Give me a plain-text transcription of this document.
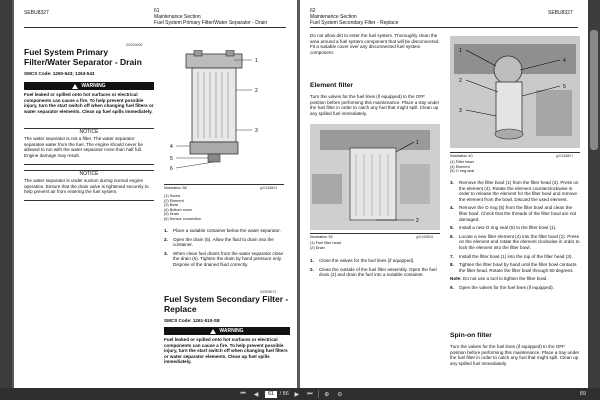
SEBU8327	61
Maintenance Section
Fuel System Primary Filter/Water Separator - Drain
i02904600
Fuel System Primary Filter/Water Separator - Drain
SMCS Code: 1260-543; 1263-543
WARNING
Fuel leaked or spilled onto hot surfaces or electrical components can cause a fire. To help prevent possible injury, turn the start switch off when changing fuel filters or water separator elements. Clean up fuel spills immediately.
NOTICE
The water separator is not a filter. The water separator separates water from the fuel. The engine should never be allowed to run with the water separator more than half full. Engine damage may result.
NOTICE
The water separator is under suction during normal engine operation. Ensure that the drain valve is tightened securely to help prevent air from entering the fuel system.
1
2
3
4
5
6
Illustration 38	g01165804
(1) Screw
(2) Element
(3) Bowl
(4) Bottom cover
(5) Drain
(6) Sensor connection
1.	Place a suitable container below the water separator.
2.	Open the drain (5). Allow the fluid to drain into the container.
3.	When clean fuel drains from the water separator close the drain (5). Tighten the drain by hand pressure only. Dispose of the drained fluid correctly.
i02905673
Fuel System Secondary Filter - Replace
SMCS Code: 1261-510-SE
WARNING
Fuel leaked or spilled onto hot surfaces or electrical components can cause a fire. To help prevent possible injury, turn the start switch off when changing fuel filters or water separator elements. Clean up fuel spills immediately.
62
Maintenance Section
Fuel System Secondary Filter - Replace
SEBU8327
Do not allow dirt to enter the fuel system. Thoroughly clean the area around a fuel system component that will be disconnected. Fit a suitable cover over any disconnected fuel system component.
Element filter
Turn the valves for the fuel lines (if equipped) to the OFF position before performing this maintenance. Place a tray under the fuel filter in order to catch any fuel that might spill. Clean up any spilled fuel immediately.
1
2
Illustration 39	g01165806
(1) Fuel filter head
(2) Drain
1.	Close the valves for the fuel lines (if equipped).
2.	Clean the outside of the fuel filter assembly. Open the fuel drain (2) and drain the fuel into a suitable container.
1
2
3
4
5
Illustration 40	g01165807
(1) Filter head
(4) Element
(5) O ring seal
3.	Remove the filter bowl (1) from the filter head (3). Press on the element (4). Rotate the element counterclockwise in order to release the element for the filter bowl and remove the element from the bowl. Discard the used element.
4.	Remove the O ring (5) from the filter bowl and clean the filter bowl. Check that the threads of the filter bowl are not damaged.
5.	Install a new O ring seal (5) to the filter bowl (1).
6.	Locate a new filter element (4) into the filter bowl (1). Press on the element and rotate the element clockwise in order to lock the element into the filter bowl.
7.	Install the filter bowl (1) into the top of the filter head (3).
8.	Tighten the filter bowl by hand until the filter bowl contacts the filter head. Rotate the filter bowl through 90 degrees.
Note:
Do not use a tool to tighten the filter bowl.
9.	Open the valves for the fuel lines (if equipped).
Spin-on filter
Turn the valves for the fuel lines (if equipped) to the OFF position before performing this maintenance. Place a tray under the fuel filter in order to catch any fuel that might spill. Clean up any spilled fuel immediately.
⏮	◀	61	/ 86 ▶	⏭	⊕	⊖	89
